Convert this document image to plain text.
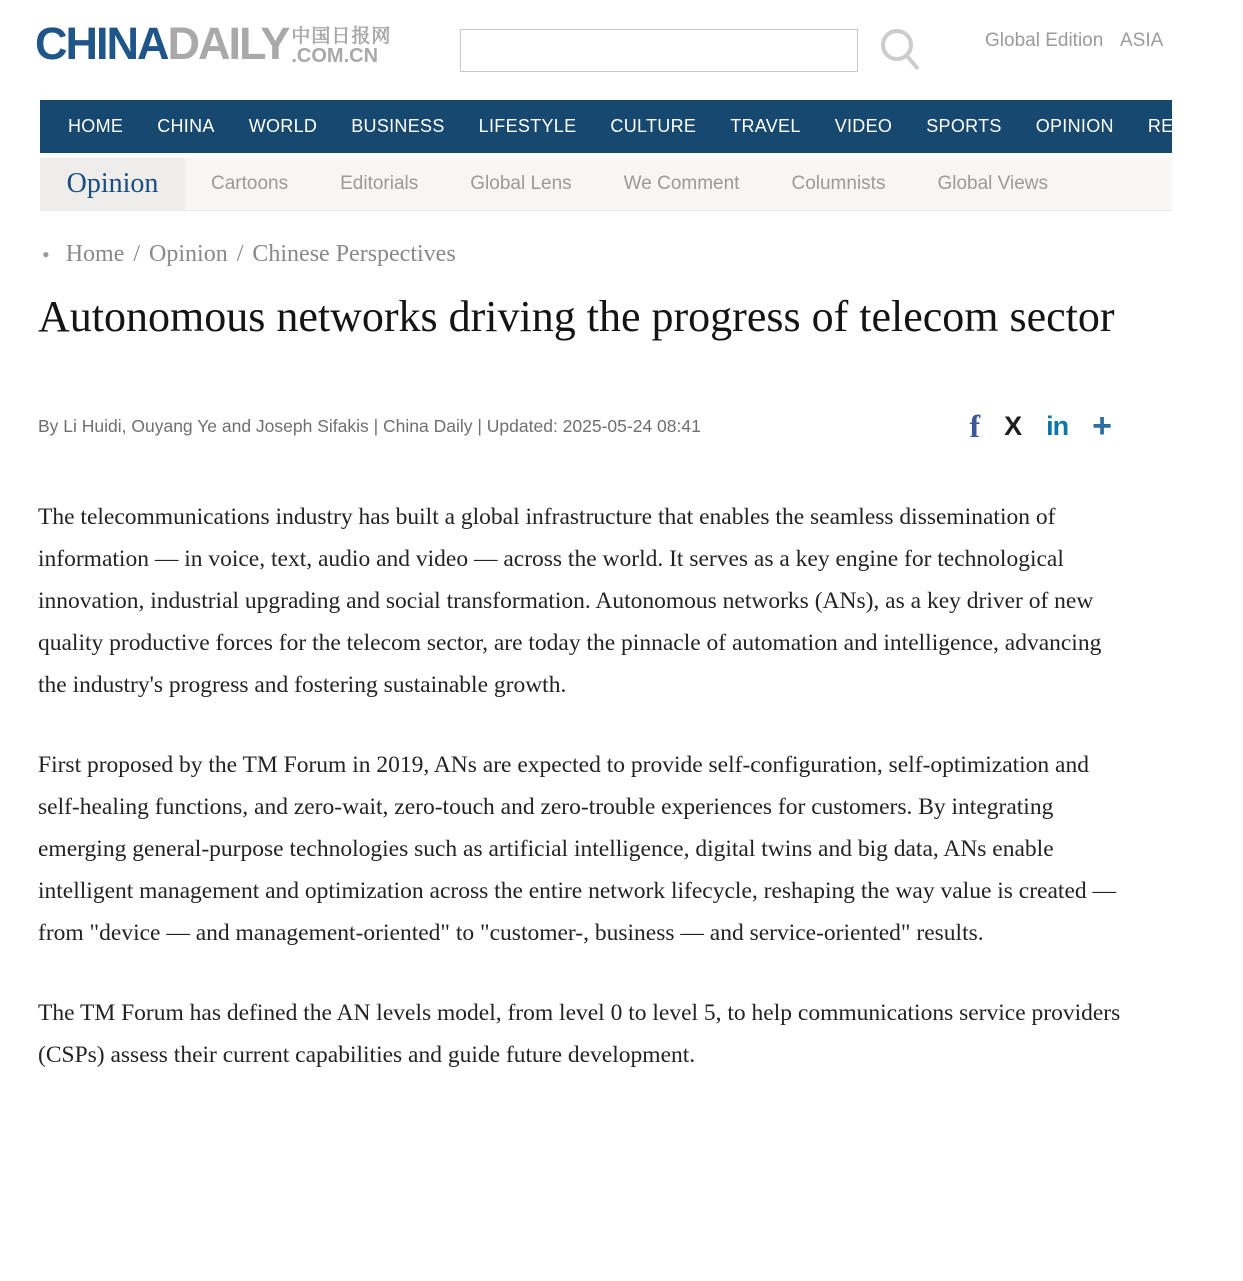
CHINADAILY 中国日报网
.COM.CN
Global Edition ASIA
HOME CHINA WORLD BUSINESS LIFESTYLE CULTURE TRAVEL VIDEO SPORTS OPINION REGIONAL
Opinion	Cartoons	Editorials	Global Lens	We Comment	Columnists	Global Views
• Home / Opinion / Chinese Perspectives
Autonomous networks driving the progress of telecom sector
By Li Huidi, Ouyang Ye and Joseph Sifakis | China Daily | Updated: 2025-05-24 08:41	f X in +

The telecommunications industry has built a global infrastructure that enables the seamless dissemination of information — in voice, text, audio and video — across the world. It serves as a key engine for technological innovation, industrial upgrading and social transformation. Autonomous networks (ANs), as a key driver of new quality productive forces for the telecom sector, are today the pinnacle of automation and intelligence, advancing the industry's progress and fostering sustainable growth.

First proposed by the TM Forum in 2019, ANs are expected to provide self-configuration, self-optimization and self-healing functions, and zero-wait, zero-touch and zero-trouble experiences for customers. By integrating emerging general-purpose technologies such as artificial intelligence, digital twins and big data, ANs enable intelligent management and optimization across the entire network lifecycle, reshaping the way value is created — from "device — and management-oriented" to "customer-, business — and service-oriented" results.

The TM Forum has defined the AN levels model, from level 0 to level 5, to help communications service providers (CSPs) assess their current capabilities and guide future development.
